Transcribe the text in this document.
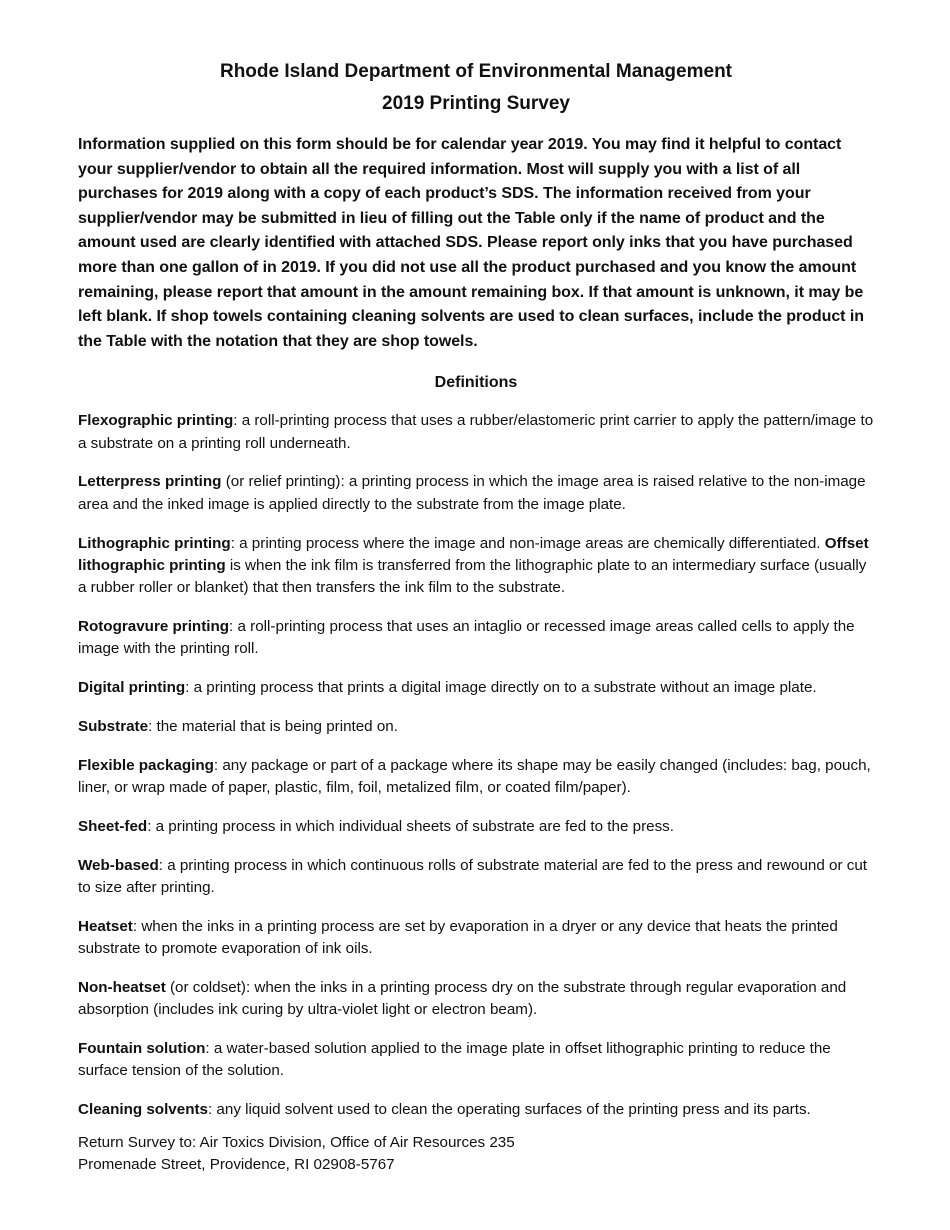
Rhode Island Department of Environmental Management
2019 Printing Survey

Information supplied on this form should be for calendar year 2019. You may find it helpful to contact your supplier/vendor to obtain all the required information. Most will supply you with a list of all purchases for 2019 along with a copy of each product’s SDS. The information received from your supplier/vendor may be submitted in lieu of filling out the Table only if the name of product and the amount used are clearly identified with attached SDS. Please report only inks that you have purchased more than one gallon of in 2019. If you did not use all the product purchased and you know the amount remaining, please report that amount in the amount remaining box. If that amount is unknown, it may be left blank. If shop towels containing cleaning solvents are used to clean surfaces, include the product in the Table with the notation that they are shop towels.

Definitions

Flexographic printing: a roll-printing process that uses a rubber/elastomeric print carrier to apply the pattern/image to a substrate on a printing roll underneath.

Letterpress printing (or relief printing): a printing process in which the image area is raised relative to the non-image area and the inked image is applied directly to the substrate from the image plate.

Lithographic printing: a printing process where the image and non-image areas are chemically differentiated. Offset lithographic printing is when the ink film is transferred from the lithographic plate to an intermediary surface (usually a rubber roller or blanket) that then transfers the ink film to the substrate.

Rotogravure printing: a roll-printing process that uses an intaglio or recessed image areas called cells to apply the image with the printing roll.

Digital printing: a printing process that prints a digital image directly on to a substrate without an image plate.

Substrate: the material that is being printed on.

Flexible packaging: any package or part of a package where its shape may be easily changed (includes: bag, pouch, liner, or wrap made of paper, plastic, film, foil, metalized film, or coated film/paper).

Sheet-fed: a printing process in which individual sheets of substrate are fed to the press.

Web-based: a printing process in which continuous rolls of substrate material are fed to the press and rewound or cut to size after printing.

Heatset: when the inks in a printing process are set by evaporation in a dryer or any device that heats the printed substrate to promote evaporation of ink oils.

Non-heatset (or coldset): when the inks in a printing process dry on the substrate through regular evaporation and absorption (includes ink curing by ultra-violet light or electron beam).

Fountain solution: a water-based solution applied to the image plate in offset lithographic printing to reduce the surface tension of the solution.

Cleaning solvents: any liquid solvent used to clean the operating surfaces of the printing press and its parts.

Return Survey to: Air Toxics Division, Office of Air Resources 235 Promenade Street, Providence, RI 02908-5767
